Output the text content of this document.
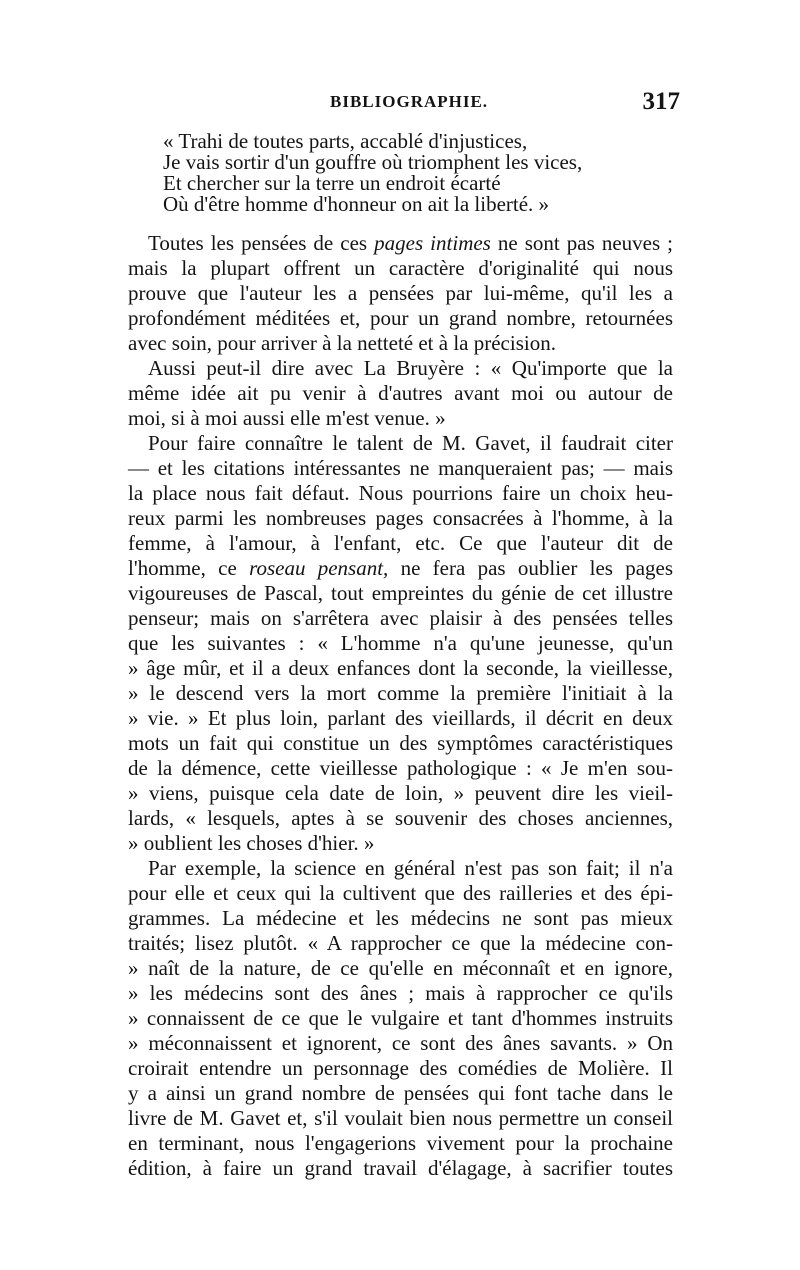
BIBLIOGRAPHIE.	317
« Trahi de toutes parts, accablé d'injustices,
Je vais sortir d'un gouffre où triomphent les vices,
Et chercher sur la terre un endroit écarté
Où d'être homme d'honneur on ait la liberté. »
Toutes les pensées de ces pages intimes ne sont pas neuves ;
mais la plupart offrent un caractère d'originalité qui nous
prouve que l'auteur les a pensées par lui-même, qu'il les a
profondément méditées et, pour un grand nombre, retournées
avec soin, pour arriver à la netteté et à la précision.
Aussi peut-il dire avec La Bruyère : « Qu'importe que la
même idée ait pu venir à d'autres avant moi ou autour de
moi, si à moi aussi elle m'est venue. »
Pour faire connaître le talent de M. Gavet, il faudrait citer
— et les citations intéressantes ne manqueraient pas; — mais
la place nous fait défaut. Nous pourrions faire un choix heu-
reux parmi les nombreuses pages consacrées à l'homme, à la
femme, à l'amour, à l'enfant, etc. Ce que l'auteur dit de
l'homme, ce roseau pensant, ne fera pas oublier les pages
vigoureuses de Pascal, tout empreintes du génie de cet illustre
penseur; mais on s'arrêtera avec plaisir à des pensées telles
que les suivantes : « L'homme n'a qu'une jeunesse, qu'un
» âge mûr, et il a deux enfances dont la seconde, la vieillesse,
» le descend vers la mort comme la première l'initiait à la
» vie. » Et plus loin, parlant des vieillards, il décrit en deux
mots un fait qui constitue un des symptômes caractéristiques
de la démence, cette vieillesse pathologique : « Je m'en sou-
» viens, puisque cela date de loin, » peuvent dire les vieil-
lards, « lesquels, aptes à se souvenir des choses anciennes,
» oublient les choses d'hier. »
Par exemple, la science en général n'est pas son fait; il n'a
pour elle et ceux qui la cultivent que des railleries et des épi-
grammes. La médecine et les médecins ne sont pas mieux
traités; lisez plutôt. « A rapprocher ce que la médecine con-
» naît de la nature, de ce qu'elle en méconnaît et en ignore,
» les médecins sont des ânes ; mais à rapprocher ce qu'ils
» connaissent de ce que le vulgaire et tant d'hommes instruits
» méconnaissent et ignorent, ce sont des ânes savants. » On
croirait entendre un personnage des comédies de Molière. Il
y a ainsi un grand nombre de pensées qui font tache dans le
livre de M. Gavet et, s'il voulait bien nous permettre un conseil
en terminant, nous l'engagerions vivement pour la prochaine
édition, à faire un grand travail d'élagage, à sacrifier toutes
